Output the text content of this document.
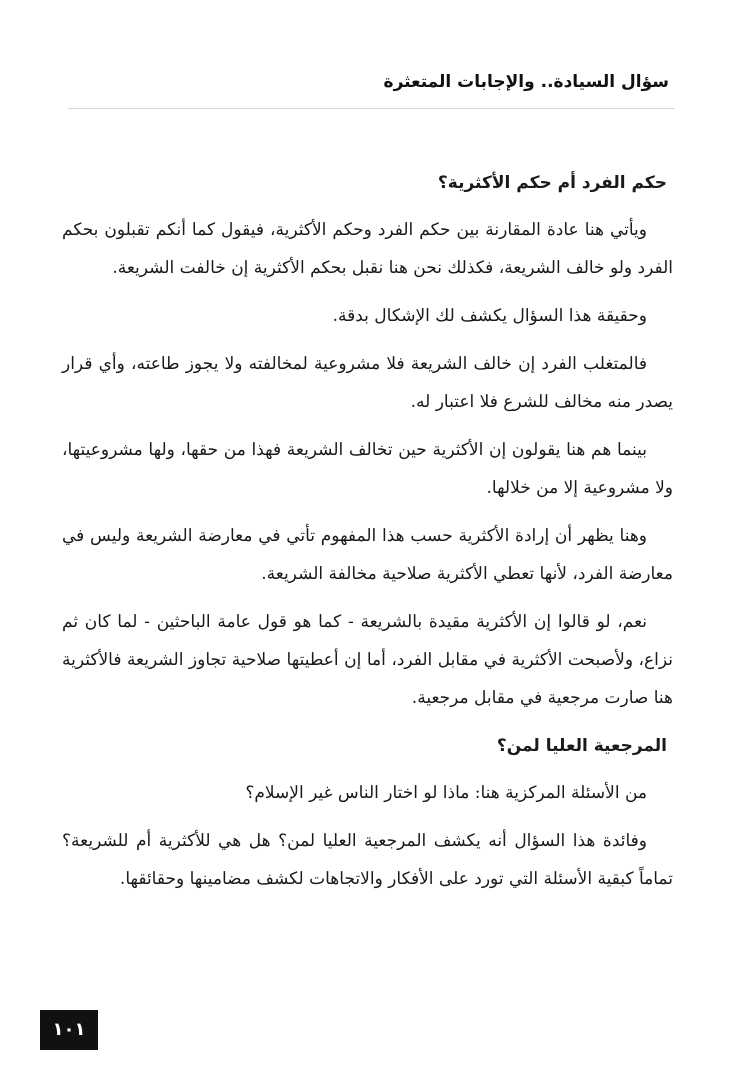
سؤال السيادة.. والإجابات المتعثرة
حكم الفرد أم حكم الأكثرية؟

ويأتي هنا عادة المقارنة بين حكم الفرد وحكم الأكثرية، فيقول كما أنكم تقبلون بحكم الفرد ولو خالف الشريعة، فكذلك نحن هنا نقبل بحكم الأكثرية إن خالفت الشريعة.

وحقيقة هذا السؤال يكشف لك الإشكال بدقة.

فالمتغلب الفرد إن خالف الشريعة فلا مشروعية لمخالفته ولا يجوز طاعته، وأي قرار يصدر منه مخالف للشرع فلا اعتبار له.

بينما هم هنا يقولون إن الأكثرية حين تخالف الشريعة فهذا من حقها، ولها مشروعيتها، ولا مشروعية إلا من خلالها.

وهنا يظهر أن إرادة الأكثرية حسب هذا المفهوم تأتي في معارضة الشريعة وليس في معارضة الفرد، لأنها تعطي الأكثرية صلاحية مخالفة الشريعة.

نعم، لو قالوا إن الأكثرية مقيدة بالشريعة - كما هو قول عامة الباحثين - لما كان ثم نزاع، ولأصبحت الأكثرية في مقابل الفرد، أما إن أعطيتها صلاحية تجاوز الشريعة فالأكثرية هنا صارت مرجعية في مقابل مرجعية.

المرجعية العليا لمن؟

من الأسئلة المركزية هنا: ماذا لو اختار الناس غير الإسلام؟

وفائدة هذا السؤال أنه يكشف المرجعية العليا لمن؟ هل هي للأكثرية أم للشريعة؟ تماماً كبقية الأسئلة التي تورد على الأفكار والاتجاهات لكشف مضامينها وحقائقها.

١٠١
